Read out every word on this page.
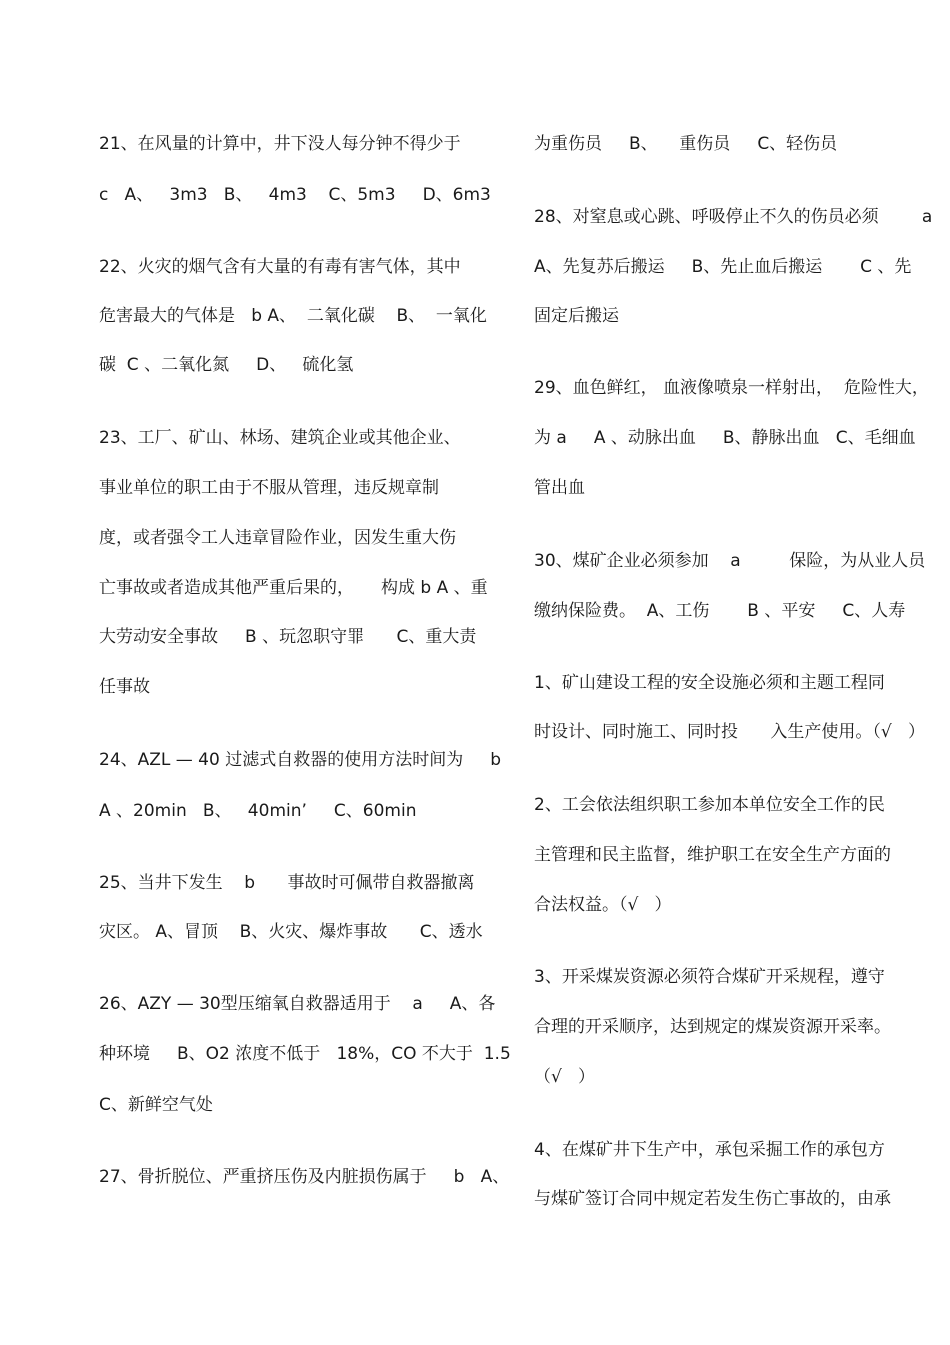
21、在风量的计算中，井下没人每分钟不得少于
c   A、   3m3   B、   4m3    C、5m3     D、6m3
22、火灾的烟气含有大量的有毒有害气体，其中
危害最大的气体是   b A、  二氧化碳    B、  一氧化
碳  C 、二氧化氮     D、   硫化氢
23、工厂、矿山、林场、建筑企业或其他企业、
事业单位的职工由于不服从管理，违反规章制
度，或者强令工人违章冒险作业，因发生重大伤
亡事故或者造成其他严重后果的，     构成 b A 、重
大劳动安全事故     B 、玩忽职守罪      C、重大责
任事故
24、AZL — 40 过滤式自救器的使用方法时间为     b
A 、20min   B、   40min’     C、60min
25、当井下发生    b      事故时可佩带自救器撤离
灾区。 A、冒顶    B、火灾、爆炸事故      C、透水
26、AZY — 30型压缩氧自救器适用于    a     A、各
种环境     B、O2 浓度不低于   18%，CO 不大于  1.5
C、新鲜空气处
27、骨折脱位、严重挤压伤及内脏损伤属于     b   A、
为重伤员     B、    重伤员     C、轻伤员
28、对窒息或心跳、呼吸停止不久的伤员必须        a
A、先复苏后搬运     B、先止血后搬运       C 、先
固定后搬运
29、血色鲜红， 血液像喷泉一样射出，  危险性大，
为 a     A 、动脉出血     B、静脉出血   C、毛细血
管出血
30、煤矿企业必须参加    a         保险，为从业人员
缴纳保险费。  A、工伤       B 、平安     C、人寿
1、矿山建设工程的安全设施必须和主题工程同
时设计、同时施工、同时投      入生产使用。（√   ）
2、工会依法组织职工参加本单位安全工作的民
主管理和民主监督，维护职工在安全生产方面的
合法权益。（√   ）
3、开采煤炭资源必须符合煤矿开采规程，遵守
合理的开采顺序，达到规定的煤炭资源开采率。
（√   ）
4、在煤矿井下生产中，承包采掘工作的承包方
与煤矿签订合同中规定若发生伤亡事故的，由承
